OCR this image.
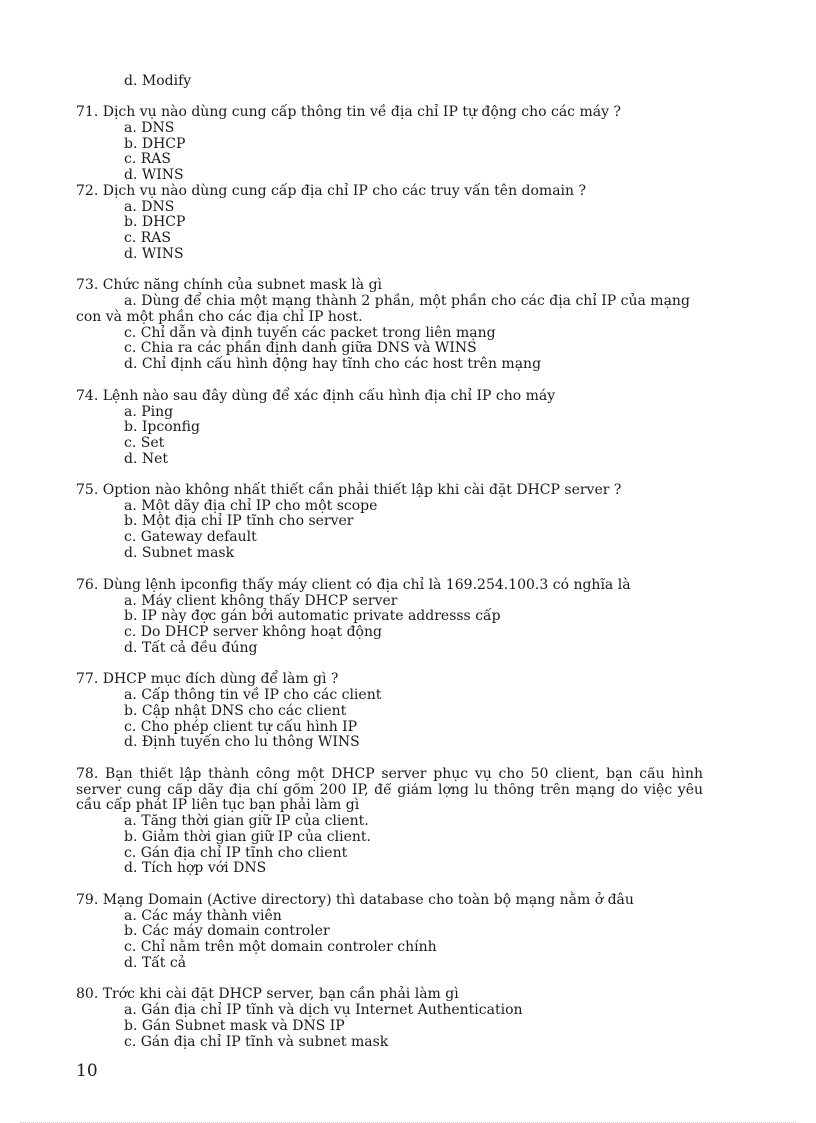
d. Modify
71. Dịch vụ nào dùng cung cấp thông tin về địa chỉ IP tự động cho các máy ?
a. DNS
b. DHCP
c. RAS
d. WINS
72. Dịch vụ nào dùng cung cấp địa chỉ IP cho các truy vấn tên domain ?
a. DNS
b. DHCP
c. RAS
d. WINS
73. Chức năng chính của subnet mask là gì
a. Dùng để chia một mạng thành 2 phần, một phần cho các địa chỉ IP của mạng
con và một phần cho các địa chỉ IP host.
c. Chỉ dẫn và định tuyến các packet trong liên mạng
c. Chia ra các phần định danh giữa DNS và WINS
d. Chỉ định cấu hình động hay tĩnh cho các host trên mạng
74. Lệnh nào sau đây dùng để xác định cấu hình địa chỉ IP cho máy
a. Ping
b. Ipconfig
c. Set
d. Net
75. Option nào không nhất thiết cần phải thiết lập khi cài đặt DHCP server ?
a. Một dãy địa chỉ IP cho một scope
b. Một địa chỉ IP tĩnh cho server
c. Gateway default
d. Subnet mask
76. Dùng lệnh ipconfig thấy máy client có địa chỉ là 169.254.100.3 có nghĩa là
a. Máy client không thấy DHCP server
b. IP này đợc gán bởi automatic private addresss cấp
c. Do DHCP server không hoạt động
d. Tất cả đều đúng
77. DHCP mục đích dùng để làm gì ?
a. Cấp thông tin về IP cho các client
b. Cập nhật DNS cho các client
c. Cho phép client tự cấu hình IP
d. Định tuyến cho lu thông WINS
78. Bạn thiết lập thành công một DHCP server phục vụ cho 50 client, bạn cấu hình
server cung cấp dãy địa chỉ gồm 200 IP, để giảm lợng lu thông trên mạng do việc yêu
cầu cấp phát IP liên tục bạn phải làm gì
a. Tăng thời gian giữ IP của client.
b. Giảm thời gian giữ IP của client.
c. Gán địa chỉ IP tĩnh cho client
d. Tích hợp với DNS
79. Mạng Domain (Active directory) thì database cho toàn bộ mạng nằm ở đâu
a. Các máy thành viên
b. Các máy domain controler
c. Chỉ nằm trên một domain controler chính
d. Tất cả
80. Trớc khi cài đặt DHCP server, bạn cần phải làm gì
a. Gán địa chỉ IP tĩnh và dịch vụ Internet Authentication
b. Gán Subnet mask và DNS IP
c. Gán địa chỉ IP tĩnh và subnet mask
10
